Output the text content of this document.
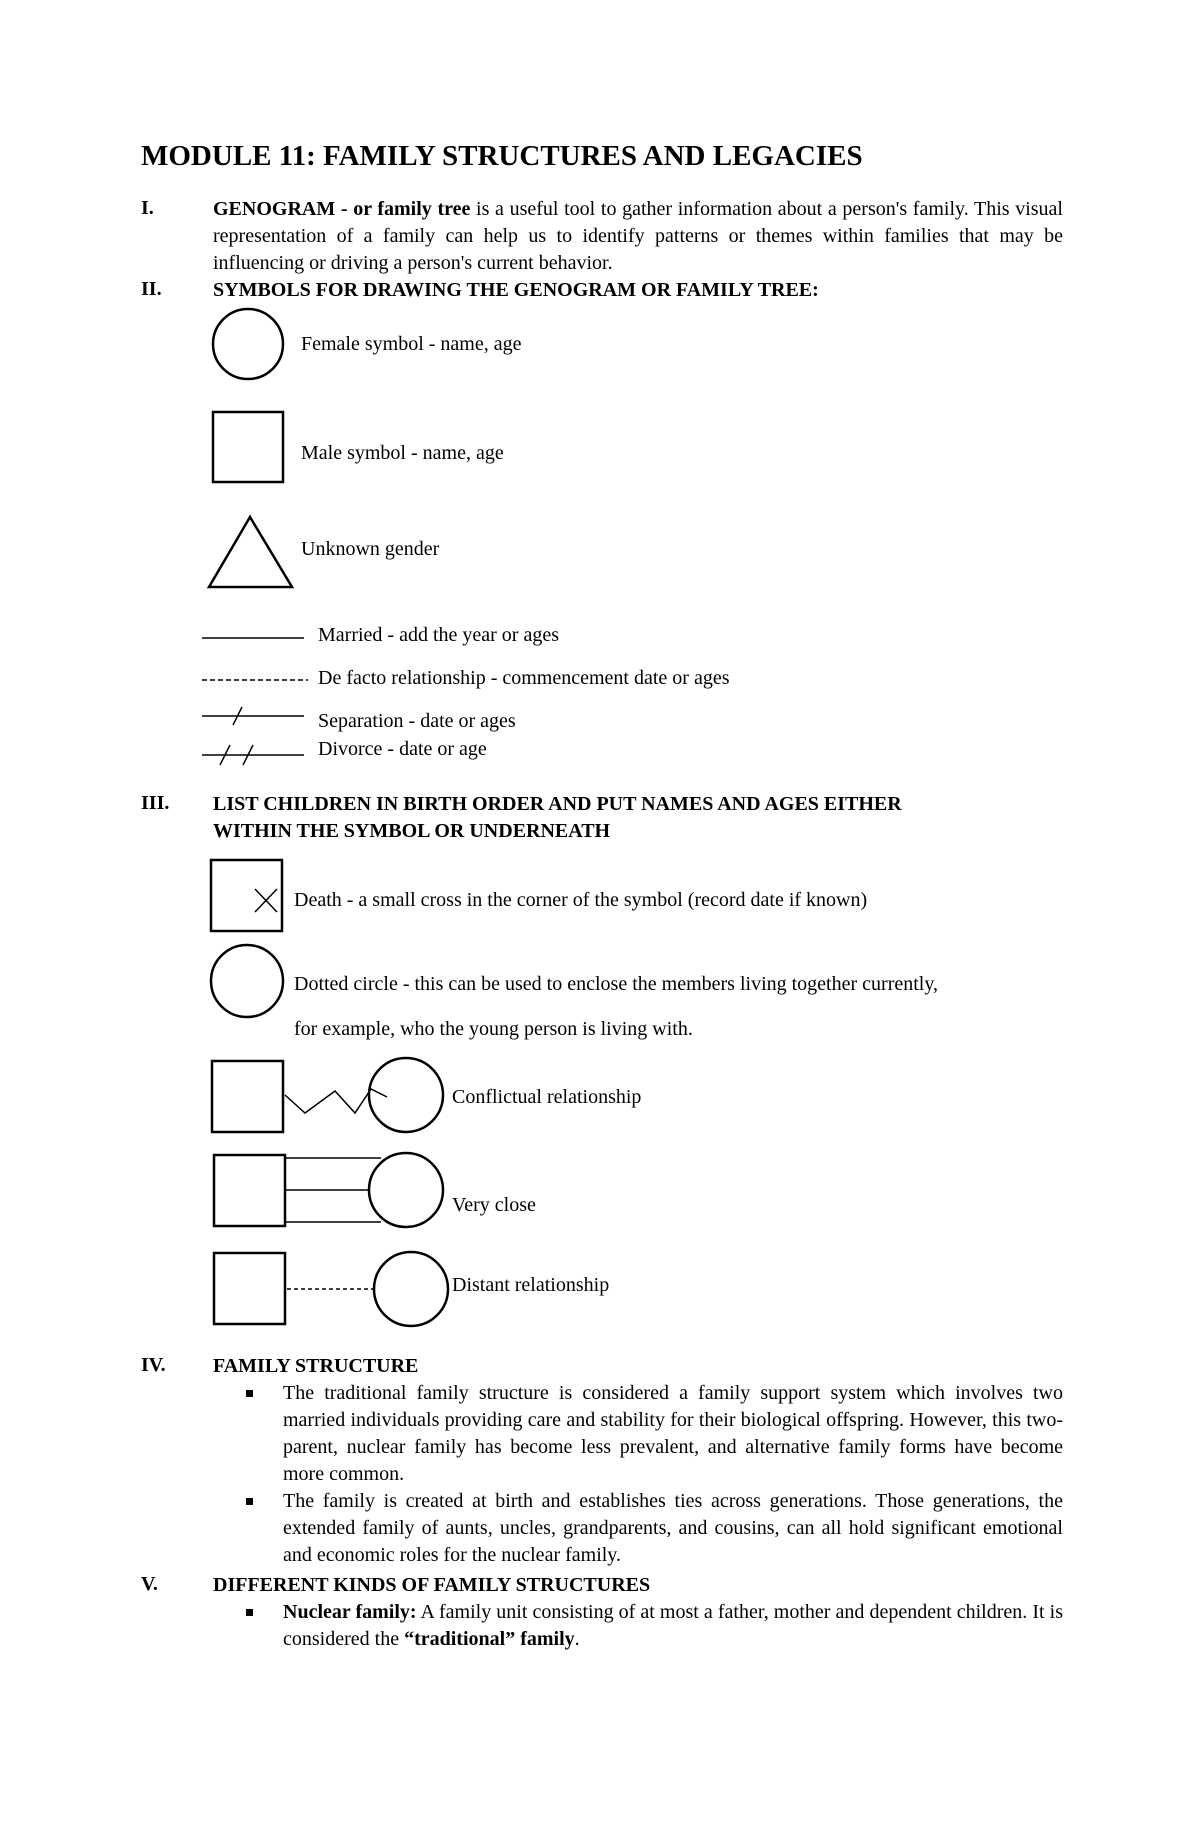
MODULE 11: FAMILY STRUCTURES AND LEGACIES
I.	GENOGRAM - or family tree is a useful tool to gather information about a person's family. This visual representation of a family can help us to identify patterns or themes within families that may be influencing or driving a person's current behavior.
II.	SYMBOLS FOR DRAWING THE GENOGRAM OR FAMILY TREE:
Female symbol - name, age
Male symbol - name, age
Unknown gender
Married - add the year or ages
De facto relationship - commencement date or ages
Separation - date or ages
Divorce - date or age
III. LIST CHILDREN IN BIRTH ORDER AND PUT NAMES AND AGES EITHER
WITHIN THE SYMBOL OR UNDERNEATH
Death - a small cross in the corner of the symbol (record date if known)
Dotted circle - this can be used to enclose the members living together currently,
for example, who the young person is living with.
Conflictual relationship
Very close
Distant relationship
IV. FAMILY STRUCTURE

The traditional family structure is considered a family support system which involves two married individuals providing care and stability for their biological offspring. However, this two-parent, nuclear family has become less prevalent, and alternative family forms have become more common.

The family is created at birth and establishes ties across generations. Those generations, the extended family of aunts, uncles, grandparents, and cousins, can all hold significant emotional and economic roles for the nuclear family.

V.	DIFFERENT KINDS OF FAMILY STRUCTURES

Nuclear family: A family unit consisting of at most a father, mother and dependent children. It is considered the “traditional” family.
